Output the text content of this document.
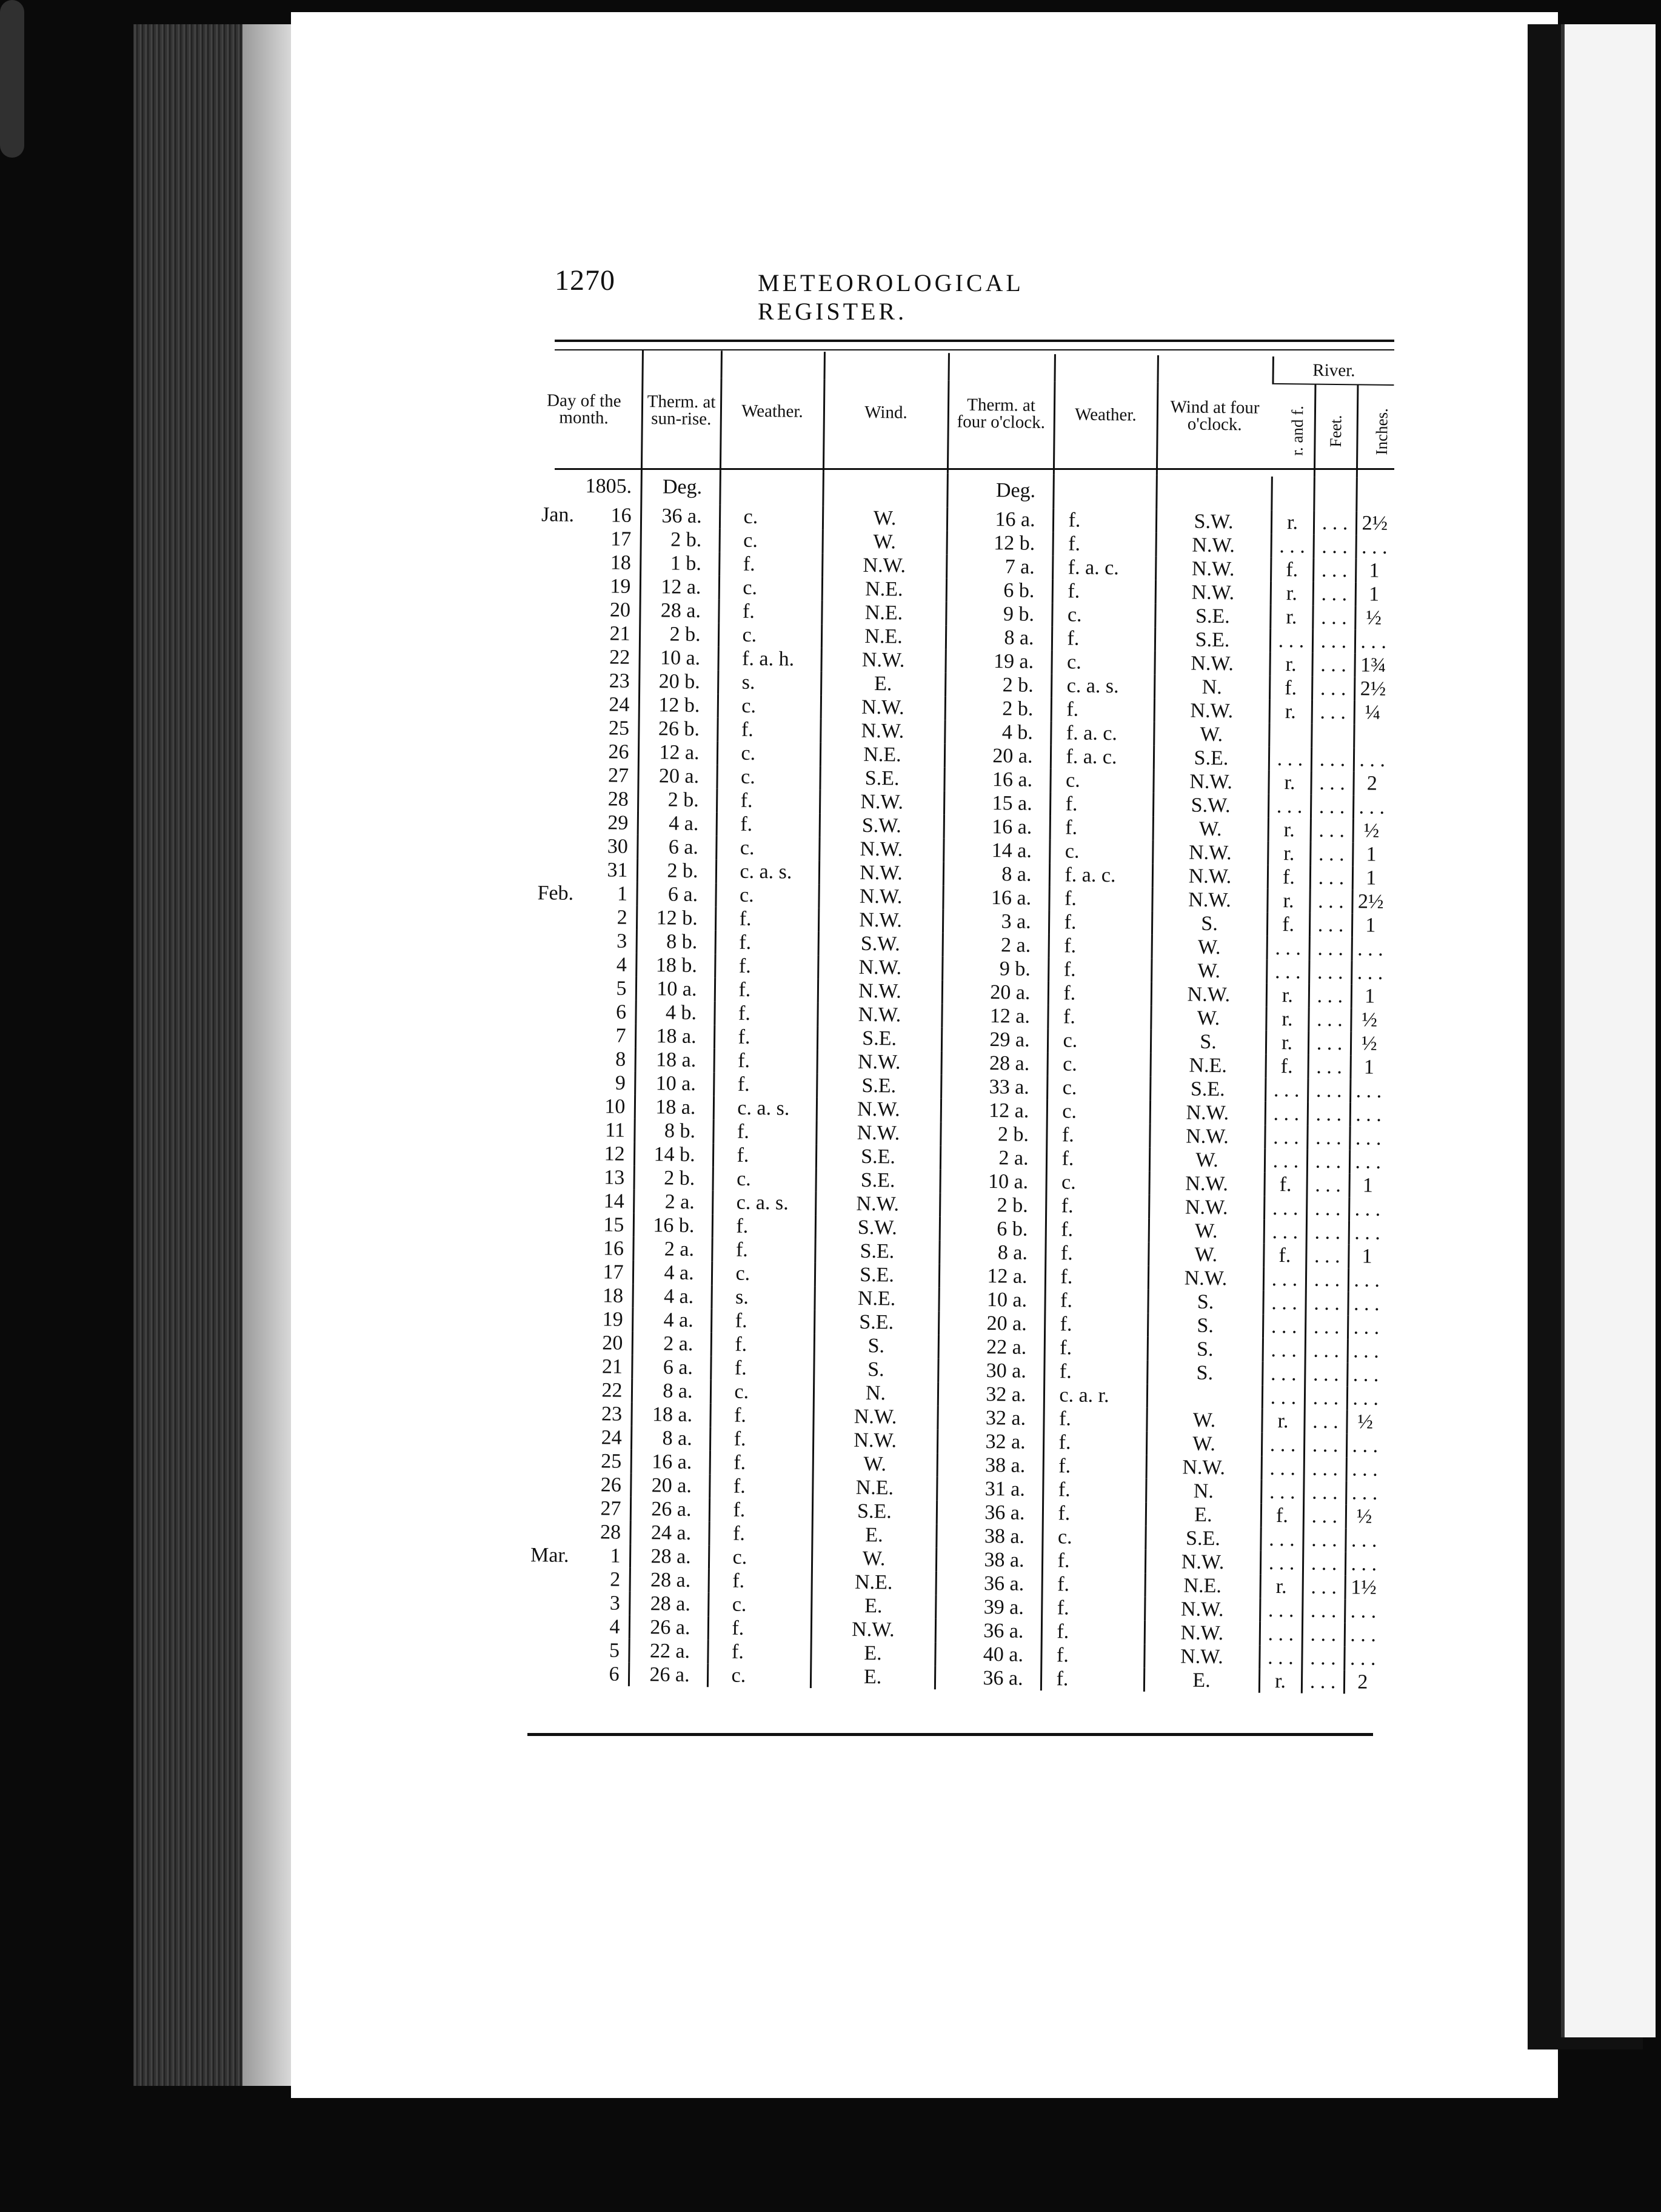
1270	METEOROLOGICAL REGISTER.
Day of the month.	Therm. at sun-rise.	Weather.	Wind.	Therm. at four o'clock.	Weather.	Wind at four o'clock.	River.		
							r. and f.	Feet.	Inches.
1805.	Deg.			Deg.					

Jan. 16	36 a.	c.	W.	16 a.	f.	S.W.	r.	. . .	2½

17	2 b.	c.	W.	12 b.	f.	N.W.	. . .	. . .	. . .

18	1 b.	f.	N.W.	7 a.	f. a. c.	N.W.	f.	. . .	1

19	12 a.	c.	N.E.	6 b.	f.	N.W.	r.	. . .	1

20	28 a.	f.	N.E.	9 b.	c.	S.E.	r.	. . .	½

21	2 b.	c.	N.E.	8 a.	f.	S.E.	. . .	. . .	. . .

22	10 a.	f. a. h.	N.W.	19 a.	c.	N.W.	r.	. . .	1¾

23	20 b.	s.	E.	2 b.	c. a. s.	N.	f.	. . .	2½

24	12 b.	c.	N.W.	2 b.	f.	N.W.	r.	. . .	¼

25	26 b.	f.	N.W.	4 b.	f. a. c.	W.			

26	12 a.	c.	N.E.	20 a.	f. a. c.	S.E.	. . .	. . .	. . .

27	20 a.	c.	S.E.	16 a.	c.	N.W.	r.	. . .	2

28	2 b.	f.	N.W.	15 a.	f.	S.W.	. . .	. . .	. . .

29	4 a.	f.	S.W.	16 a.	f.	W.	r.	. . .	½

30	6 a.	c.	N.W.	14 a.	c.	N.W.	r.	. . .	1

31	2 b.	c. a. s.	N.W.	8 a.	f. a. c.	N.W.	f.	. . .	1

Feb. 1	6 a.	c.	N.W.	16 a.	f.	N.W.	r.	. . .	2½

2	12 b.	f.	N.W.	3 a.	f.	S.	f.	. . .	1

3	8 b.	f.	S.W.	2 a.	f.	W.	. . .	. . .	. . .

4	18 b.	f.	N.W.	9 b.	f.	W.	. . .	. . .	. . .

5	10 a.	f.	N.W.	20 a.	f.	N.W.	r.	. . .	1

6	4 b.	f.	N.W.	12 a.	f.	W.	r.	. . .	½

7	18 a.	f.	S.E.	29 a.	c.	S.	r.	. . .	½

8	18 a.	f.	N.W.	28 a.	c.	N.E.	f.	. . .	1

9	10 a.	f.	S.E.	33 a.	c.	S.E.	. . .	. . .	. . .

10	18 a.	c. a. s.	N.W.	12 a.	c.	N.W.	. . .	. . .	. . .

11	8 b.	f.	N.W.	2 b.	f.	N.W.	. . .	. . .	. . .

12	14 b.	f.	S.E.	2 a.	f.	W.	. . .	. . .	. . .

13	2 b.	c.	S.E.	10 a.	c.	N.W.	f.	. . .	1

14	2 a.	c. a. s.	N.W.	2 b.	f.	N.W.	. . .	. . .	. . .

15	16 b.	f.	S.W.	6 b.	f.	W.	. . .	. . .	. . .

16	2 a.	f.	S.E.	8 a.	f.	W.	f.	. . .	1

17	4 a.	c.	S.E.	12 a.	f.	N.W.	. . .	. . .	. . .

18	4 a.	s.	N.E.	10 a.	f.	S.	. . .	. . .	. . .

19	4 a.	f.	S.E.	20 a.	f.	S.	. . .	. . .	. . .

20	2 a.	f.	S.	22 a.	f.	S.	. . .	. . .	. . .

21	6 a.	f.	S.	30 a.	f.	S.	. . .	. . .	. . .

22	8 a.	c.	N.	32 a.	c. a. r.		. . .	. . .	. . .

23	18 a.	f.	N.W.	32 a.	f.	W.	r.	. . .	½

24	8 a.	f.	N.W.	32 a.	f.	W.	. . .	. . .	. . .

25	16 a.	f.	W.	38 a.	f.	N.W.	. . .	. . .	. . .

26	20 a.	f.	N.E.	31 a.	f.	N.	. . .	. . .	. . .

27	26 a.	f.	S.E.	36 a.	f.	E.	f.	. . .	½

28	24 a.	f.	E.	38 a.	c.	S.E.	. . .	. . .	. . .

Mar. 1	28 a.	c.	W.	38 a.	f.	N.W.	. . .	. . .	. . .

2	28 a.	f.	N.E.	36 a.	f.	N.E.	r.	. . .	1½

3	28 a.	c.	E.	39 a.	f.	N.W.	. . .	. . .	. . .

4	26 a.	f.	N.W.	36 a.	f.	N.W.	. . .	. . .	. . .

5	22 a.	f.	E.	40 a.	f.	N.W.	. . .	. . .	. . .

6	26 a.	c.	E.	36 a.	f.	E.	r.	. . .	2
